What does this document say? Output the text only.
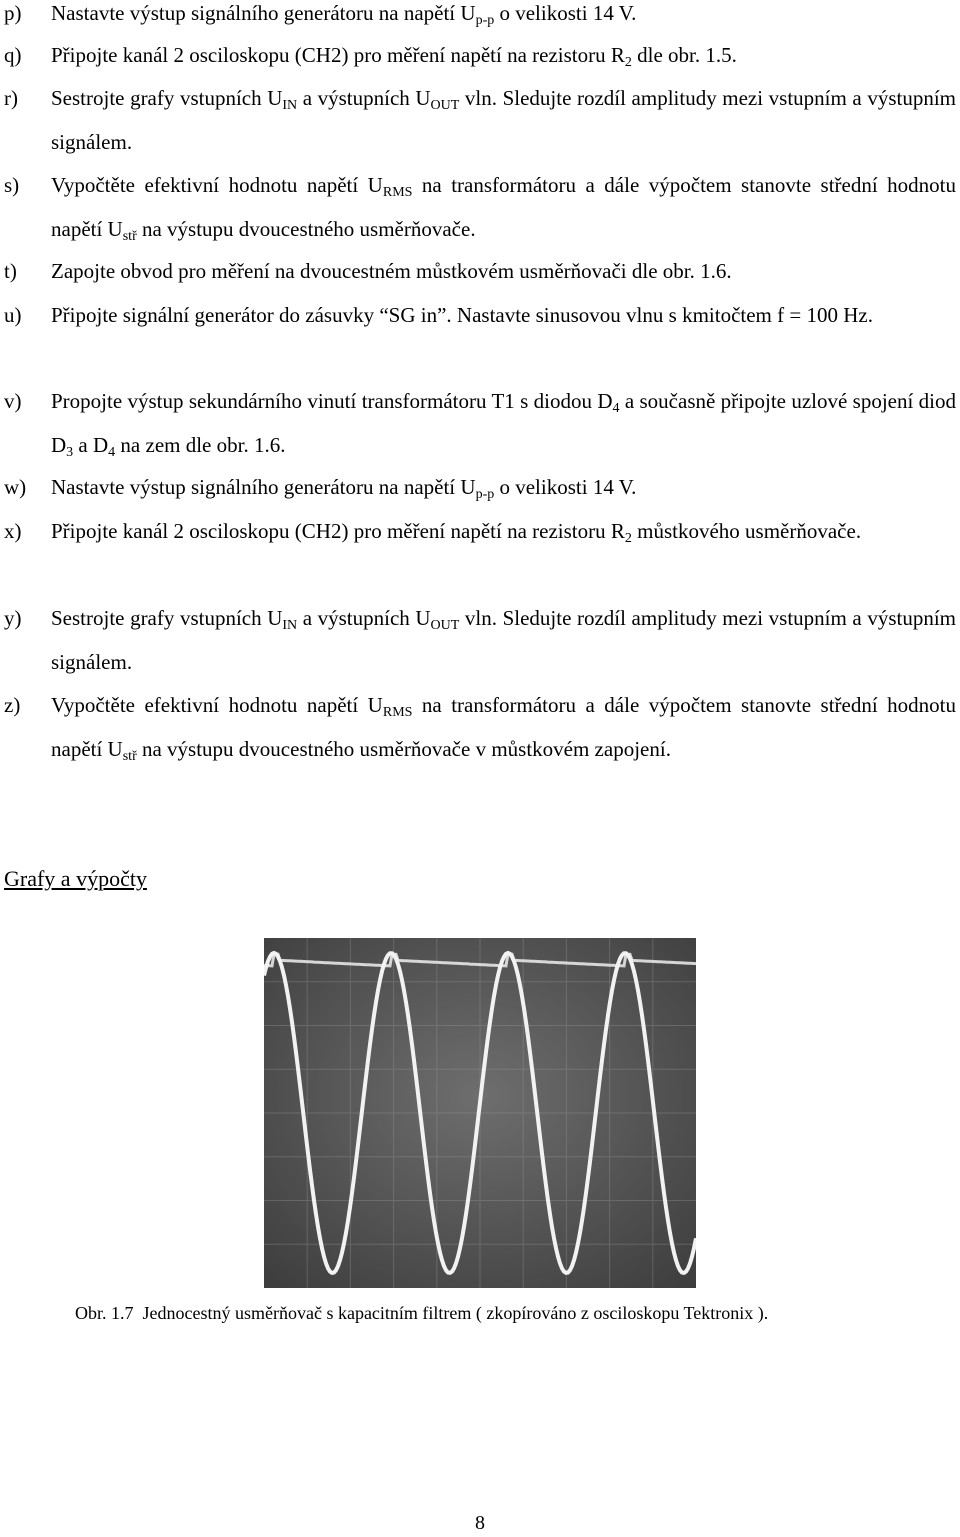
p) Nastavte výstup signálního generátoru na napětí $U_{p-p}$ o velikosti 14 V.
q) Připojte kanál 2 osciloskopu (CH2) pro měření napětí na rezistoru $R_2$ dle obr. 1.5.
r) Sestrojte grafy vstupních $U_{IN}$ a výstupních $U_{OUT}$ vln. Sledujte rozdíl amplitudy mezi vstupním a výstupním signálem.
s) Vypočtěte efektivní hodnotu napětí $U_{RMS}$ na transformátoru a dále výpočtem stanovte střední hodnotu napětí $U_{stř}$ na výstupu dvoucestného usměrňovače.
t) Zapojte obvod pro měření na dvoucestném můstkovém usměrňovači dle obr. 1.6.
u) Připojte signální generátor do zásuvky “SG in”. Nastavte sinusovou vlnu s kmitočtem f = 100 Hz.
v) Propojte výstup sekundárního vinutí transformátoru T1 s diodou $D_4$ a současně připojte uzlové spojení diod $D_3$ a $D_4$ na zem dle obr. 1.6.
w) Nastavte výstup signálního generátoru na napětí $U_{p-p}$ o velikosti 14 V.
x) Připojte kanál 2 osciloskopu (CH2) pro měření napětí na rezistoru $R_2$ můstkového usměrňovače.
y) Sestrojte grafy vstupních $U_{IN}$ a výstupních $U_{OUT}$ vln. Sledujte rozdíl amplitudy mezi vstupním a výstupním signálem.
z) Vypočtěte efektivní hodnotu napětí $U_{RMS}$ na transformátoru a dále výpočtem stanovte střední hodnotu napětí $U_{stř}$ na výstupu dvoucestného usměrňovače v můstkovém zapojení.
Grafy a výpočty
Obr. 1.7  Jednocestný usměrňovač s kapacitním filtrem ( zkopírováno z osciloskopu Tektronix ).
8
